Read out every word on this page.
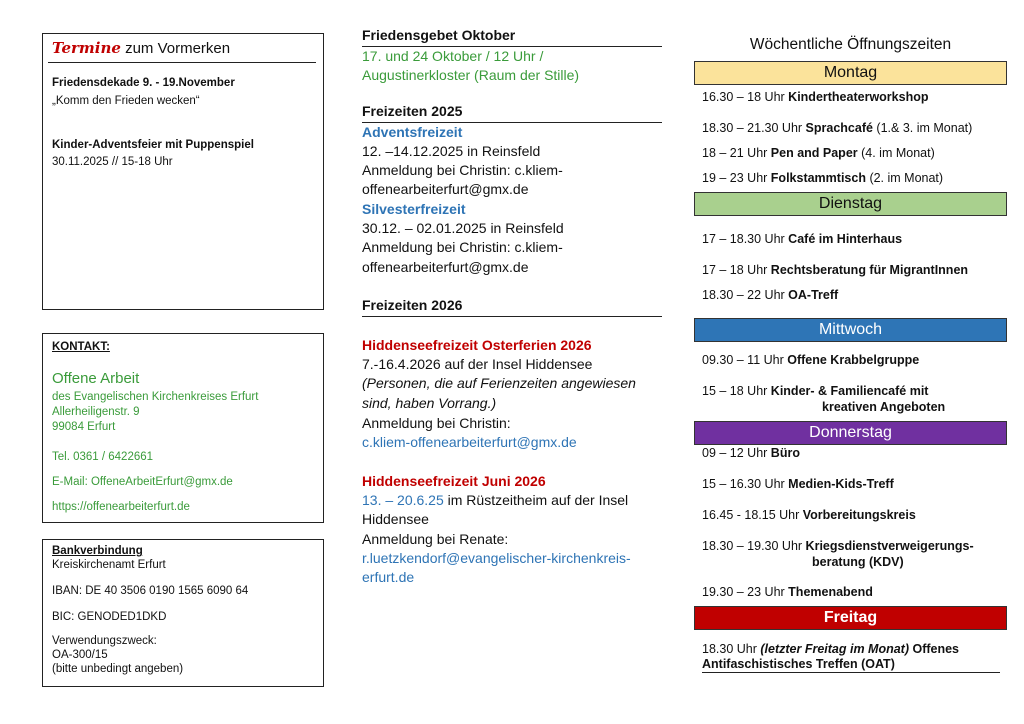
Termine zum Vormerken
Friedensdekade 9. - 19.November
„Komm den Frieden wecken“
Kinder-Adventsfeier mit Puppenspiel
30.11.2025 // 15-18 Uhr
KONTAKT:
Offene Arbeit
des Evangelischen Kirchenkreises Erfurt
Allerheiligenstr. 9
99084 Erfurt
Tel. 0361 / 6422661
E-Mail: OffeneArbeitErfurt@gmx.de
https://offenearbeiterfurt.de
Bankverbindung
Kreiskirchenamt Erfurt
IBAN: DE 40 3506 0190 1565 6090 64
BIC: GENODED1DKD
Verwendungszweck:
OA-300/15
(bitte unbedingt angeben)
Friedensgebet Oktober
17. und 24 Oktober / 12 Uhr /
Augustinerkloster (Raum der Stille)
Freizeiten 2025
Adventsfreizeit
12. –14.12.2025 in Reinsfeld
Anmeldung bei Christin: c.kliem-
offenearbeiterfurt@gmx.de
Silvesterfreizeit
30.12. – 02.01.2025 in Reinsfeld
Anmeldung bei Christin: c.kliem-
offenearbeiterfurt@gmx.de
Freizeiten 2026
Hiddenseefreizeit Osterferien 2026
7.-16.4.2026 auf der Insel Hiddensee
(Personen, die auf Ferienzeiten angewiesen
sind, haben Vorrang.)
Anmeldung bei Christin:
c.kliem-offenearbeiterfurt@gmx.de
Hiddenseefreizeit Juni 2026
13. – 20.6.25 im Rüstzeitheim auf der Insel
Hiddensee
Anmeldung bei Renate:
r.luetzkendorf@evangelischer-kirchenkreis-
erfurt.de
Wöchentliche Öffnungszeiten
Montag
16.30 – 18 Uhr Kindertheaterworkshop
18.30 – 21.30 Uhr Sprachcafé (1.& 3. im Monat)
18 – 21 Uhr Pen and Paper (4. im Monat)
19 – 23 Uhr Folkstammtisch (2. im Monat)
Dienstag
17 – 18.30 Uhr Café im Hinterhaus
17 – 18 Uhr Rechtsberatung für MigrantInnen
18.30 – 22 Uhr OA-Treff
Mittwoch
09.30 – 11 Uhr Offene Krabbelgruppe
15 – 18 Uhr Kinder- & Familiencafé mit
kreativen Angeboten
Donnerstag
09 – 12 Uhr Büro
15 – 16.30 Uhr Medien-Kids-Treff
16.45 - 18.15 Uhr Vorbereitungskreis
18.30 – 19.30 Uhr Kriegsdienstverweigerungs-
beratung (KDV)
19.30 – 23 Uhr Themenabend
Freitag
18.30 Uhr (letzter Freitag im Monat) Offenes
Antifaschistisches Treffen (OAT)
